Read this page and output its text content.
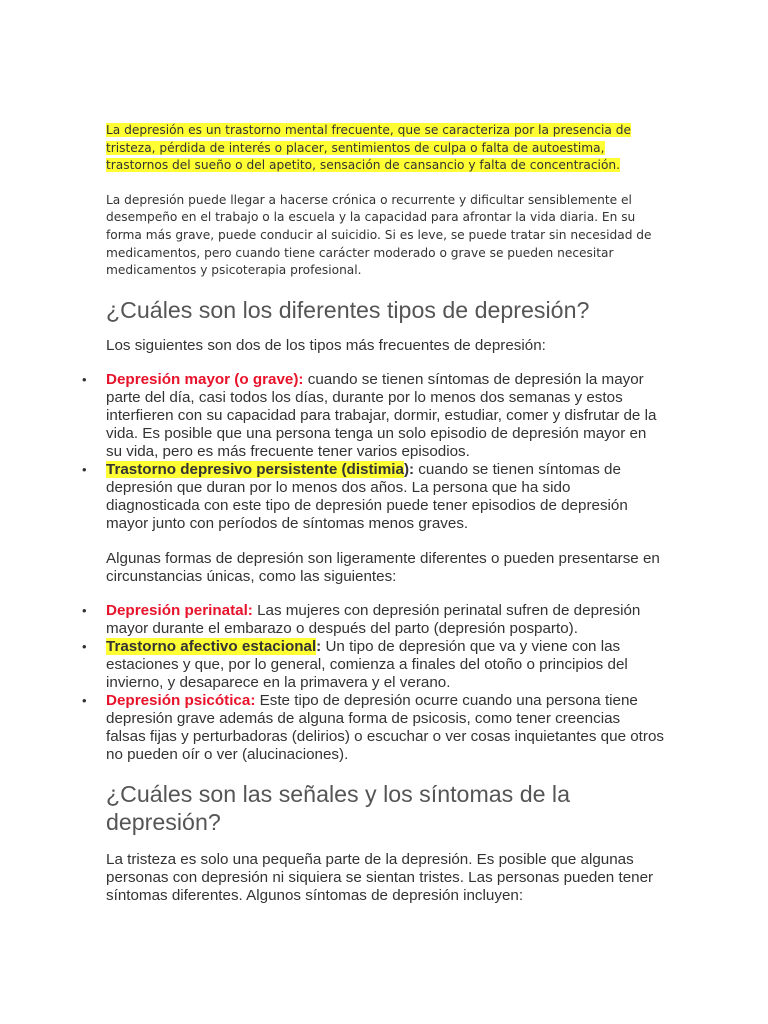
La depresión es un trastorno mental frecuente, que se caracteriza por la presencia de tristeza, pérdida de interés o placer, sentimientos de culpa o falta de autoestima, trastornos del sueño o del apetito, sensación de cansancio y falta de concentración.

La depresión puede llegar a hacerse crónica o recurrente y dificultar sensiblemente el desempeño en el trabajo o la escuela y la capacidad para afrontar la vida diaria. En su forma más grave, puede conducir al suicidio. Si es leve, se puede tratar sin necesidad de medicamentos, pero cuando tiene carácter moderado o grave se pueden necesitar medicamentos y psicoterapia profesional.

¿Cuáles son los diferentes tipos de depresión?

Los siguientes son dos de los tipos más frecuentes de depresión:

• Depresión mayor (o grave): cuando se tienen síntomas de depresión la mayor parte del día, casi todos los días, durante por lo menos dos semanas y estos interfieren con su capacidad para trabajar, dormir, estudiar, comer y disfrutar de la vida. Es posible que una persona tenga un solo episodio de depresión mayor en su vida, pero es más frecuente tener varios episodios.
• Trastorno depresivo persistente (distimia): cuando se tienen síntomas de depresión que duran por lo menos dos años. La persona que ha sido diagnosticada con este tipo de depresión puede tener episodios de depresión mayor junto con períodos de síntomas menos graves.

Algunas formas de depresión son ligeramente diferentes o pueden presentarse en circunstancias únicas, como las siguientes:

• Depresión perinatal: Las mujeres con depresión perinatal sufren de depresión mayor durante el embarazo o después del parto (depresión posparto).
• Trastorno afectivo estacional: Un tipo de depresión que va y viene con las estaciones y que, por lo general, comienza a finales del otoño o principios del invierno, y desaparece en la primavera y el verano.
• Depresión psicótica: Este tipo de depresión ocurre cuando una persona tiene depresión grave además de alguna forma de psicosis, como tener creencias falsas fijas y perturbadoras (delirios) o escuchar o ver cosas inquietantes que otros no pueden oír o ver (alucinaciones).
¿Cuáles son las señales y los síntomas de la depresión?

La tristeza es solo una pequeña parte de la depresión. Es posible que algunas personas con depresión ni siquiera se sientan tristes. Las personas pueden tener síntomas diferentes. Algunos síntomas de depresión incluyen:
